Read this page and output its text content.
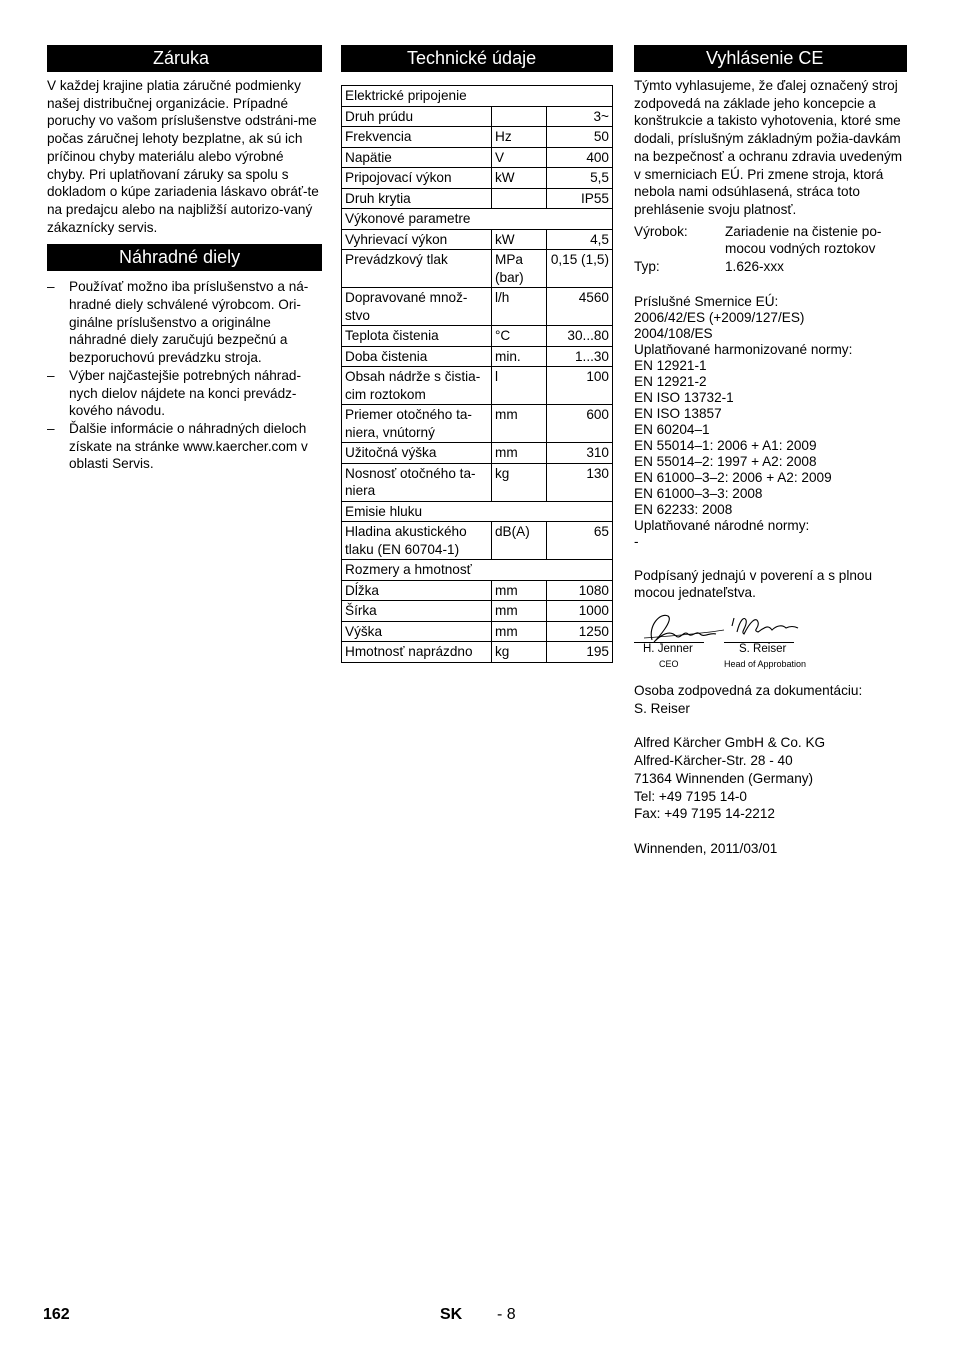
Záruka

V každej krajine platia záručné podmienky našej distribučnej organizácie. Prípadné poruchy vo vašom príslušenstve odstráni-me počas záručnej lehoty bezplatne, ak sú ich príčinou chyby materiálu alebo výrobné chyby. Pri uplatňovaní záruky sa spolu s dokladom o kúpe zariadenia láskavo obráť-te na predajcu alebo na najbližší autorizo-vaný zákaznícky servis.

Náhradné diely
– Používať možno iba príslušenstvo a ná-hradné diely schválené výrobcom. Ori-ginálne príslušenstvo a originálne náhradné diely zaručujú bezpečnú a bezporuchovú prevádzku stroja.
– Výber najčastejšie potrebných náhrad-nych dielov nájdete na konci prevádz-kového návodu.
– Ďalšie informácie o náhradných dieloch získate na stránke www.kaercher.com v oblasti Servis.
Technické údaje
Elektrické pripojenie		
Druh prúdu		3~
Frekvencia	Hz	50
Napätie	V	400
Pripojovací výkon	kW	5,5
Druh krytia		IP55
Výkonové parametre		
Vyhrievací výkon	kW	4,5
Prevádzkový tlak	MPa (bar)	0,15 (1,5)
Dopravované množ-stvo	l/h	4560
Teplota čistenia	°C	30...80
Doba čistenia	min.	1...30
Obsah nádrže s čistia-cim roztokom	l	100
Priemer otočného ta-niera, vnútorný	mm	600
Užitočná výška	mm	310
Nosnosť otočného ta-niera	kg	130
Emisie hluku		
Hladina akustického tlaku (EN 60704-1)	dB(A)	65
Rozmery a hmotnosť		
Dĺžka	mm	1080
Šírka	mm	1000
Výška	mm	1250
Hmotnosť naprázdno	kg	195
Vyhlásenie CE

Týmto vyhlasujeme, že ďalej označený stroj zodpovedá na základe jeho koncepcie a konštrukcie a takisto vyhotovenia, ktoré sme dodali, príslušným základným požia-davkám na bezpečnosť a ochranu zdravia uvedeným v smerniciach EÚ. Pri zmene stroja, ktorá nebola nami odsúhlasená, stráca toto prehlásenie svoju platnosť.

Výrobok:	Zariadenie na čistenie po-mocou vodných roztokov
Typ:	1.626-xxx
Príslušné Smernice EÚ:
2006/42/ES (+2009/127/ES)
2004/108/ES
Uplatňované harmonizované normy:
EN 12921-1
EN 12921-2
EN ISO 13732-1
EN ISO 13857
EN 60204–1
EN 55014–1: 2006 + A1: 2009
EN 55014–2: 1997 + A2: 2008
EN 61000–3–2: 2006 + A2: 2009
EN 61000–3–3: 2008
EN 62233: 2008
Uplatňované národné normy:
-

Podpísaný jednajú v poverení a s plnou mocou jednateľstva.

H. Jenner
CEO
S. Reiser
Head of Approbation
Osoba zodpovedná za dokumentáciu:
S. Reiser
Alfred Kärcher GmbH & Co. KG
Alfred-Kärcher-Str. 28 - 40
71364 Winnenden (Germany)
Tel: +49 7195 14-0
Fax: +49 7195 14-2212
Winnenden, 2011/03/01
162	SK - 8
